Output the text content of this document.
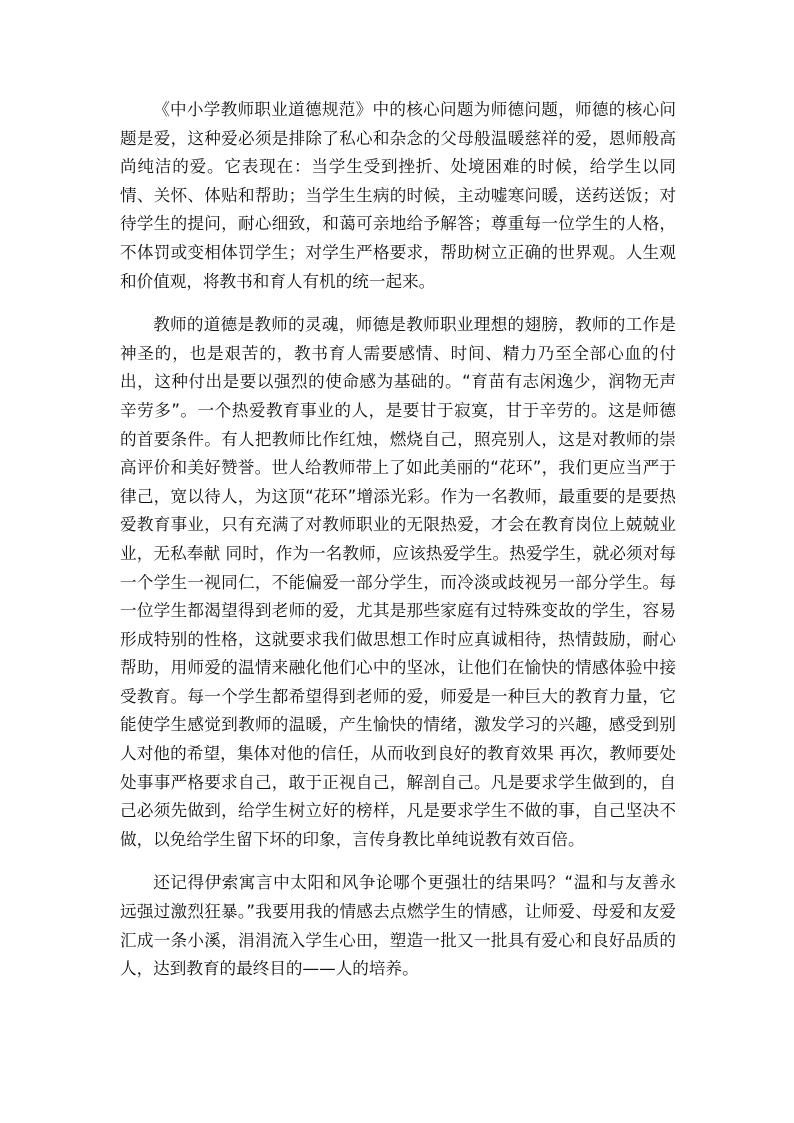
《中小学教师职业道德规范》中的核心问题为师德问题，师德的核心问题是爱，这种爱必须是排除了私心和杂念的父母般温暖慈祥的爱，恩师般高尚纯洁的爱。它表现在：当学生受到挫折、处境困难的时候，给学生以同情、关怀、体贴和帮助；当学生生病的时候，主动嘘寒问暖，送药送饭；对待学生的提问，耐心细致，和蔼可亲地给予解答；尊重每一位学生的人格，不体罚或变相体罚学生；对学生严格要求，帮助树立正确的世界观。人生观和价值观，将教书和育人有机的统一起来。

教师的道德是教师的灵魂，师德是教师职业理想的翅膀，教师的工作是神圣的，也是艰苦的，教书育人需要感情、时间、精力乃至全部心血的付出，这种付出是要以强烈的使命感为基础的。“育苗有志闲逸少，润物无声辛劳多”。一个热爱教育事业的人，是要甘于寂寞，甘于辛劳的。这是师德的首要条件。有人把教师比作红烛，燃烧自己，照亮别人，这是对教师的崇高评价和美好赞誉。世人给教师带上了如此美丽的“花环”，我们更应当严于律己，宽以待人，为这顶“花环”增添光彩。作为一名教师，最重要的是要热爱教育事业，只有充满了对教师职业的无限热爱，才会在教育岗位上兢兢业业，无私奉献 同时，作为一名教师，应该热爱学生。热爱学生，就必须对每一个学生一视同仁，不能偏爱一部分学生，而冷淡或歧视另一部分学生。每一位学生都渴望得到老师的爱，尤其是那些家庭有过特殊变故的学生，容易形成特别的性格，这就要求我们做思想工作时应真诚相待，热情鼓励，耐心帮助，用师爱的温情来融化他们心中的坚冰，让他们在愉快的情感体验中接受教育。每一个学生都希望得到老师的爱，师爱是一种巨大的教育力量，它能使学生感觉到教师的温暖，产生愉快的情绪，激发学习的兴趣，感受到别人对他的希望，集体对他的信任，从而收到良好的教育效果 再次，教师要处处事事严格要求自己，敢于正视自己，解剖自己。凡是要求学生做到的，自己必须先做到，给学生树立好的榜样，凡是要求学生不做的事，自己坚决不做，以免给学生留下坏的印象，言传身教比单纯说教有效百倍。

还记得伊索寓言中太阳和风争论哪个更强壮的结果吗？“温和与友善永远强过激烈狂暴。”我要用我的情感去点燃学生的情感，让师爱、母爱和友爱汇成一条小溪，涓涓流入学生心田，塑造一批又一批具有爱心和良好品质的人，达到教育的最终目的——人的培养。
